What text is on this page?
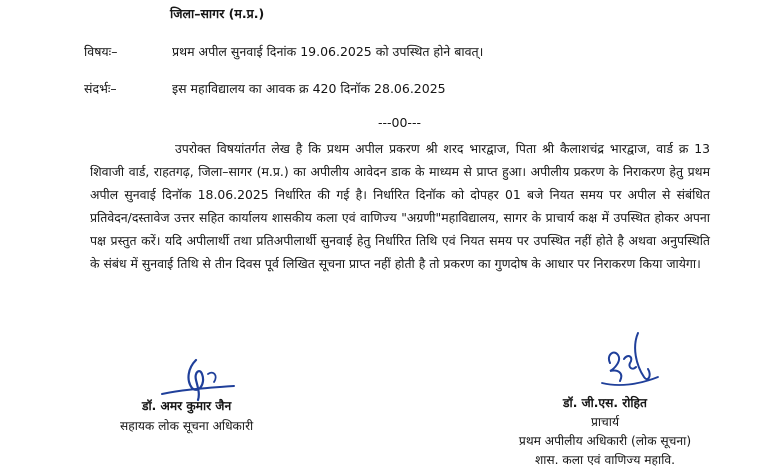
जिला–सागर (म.प्र.)
विषयः–	प्रथम अपील सुनवाई दिनांक 19.06.2025 को उपस्थित होने बावत्।
संदर्भः–	इस महाविद्यालय का आवक क्र 420 दिनॉक 28.06.2025
---00---
उपरोक्त विषयांतर्गत लेख है कि प्रथम अपील प्रकरण श्री शरद भारद्वाज, पिता श्री कैलाशचंद्र भारद्वाज, वार्ड क्र 13 शिवाजी वार्ड, राहतगढ़, जिला–सागर (म.प्र.) का अपीलीय आवेदन डाक के माध्यम से प्राप्त हुआ। अपीलीय प्रकरण के निराकरण हेतु प्रथम अपील सुनवाई दिनॉक 18.06.2025 निर्धारित की गई है। निर्धारित दिनॉक को दोपहर 01 बजे नियत समय पर अपील से संबंधित प्रतिवेदन/दस्तावेज उत्तर सहित कार्यालय शासकीय कला एवं वाणिज्य "अग्रणी"महाविद्यालय, सागर के प्राचार्य कक्ष में उपस्थित होकर अपना पक्ष प्रस्तुत करें। यदि अपीलार्थी तथा प्रतिअपीलार्थी सुनवाई हेतु निर्धारित तिथि एवं नियत समय पर उपस्थित नहीं होते है अथवा अनुपस्थिति के संबंध में सुनवाई तिथि से तीन दिवस पूर्व लिखित सूचना प्राप्त नहीं होती है तो प्रकरण का गुणदोष के आधार पर निराकरण किया जायेगा।
डॉ. अमर कुमार जैन
सहायक लोक सूचना अधिकारी
डॉ. जी.एस. रोहित
प्राचार्य
प्रथम अपीलीय अधिकारी (लोक सूचना)
शास. कला एवं वाणिज्य महावि.
